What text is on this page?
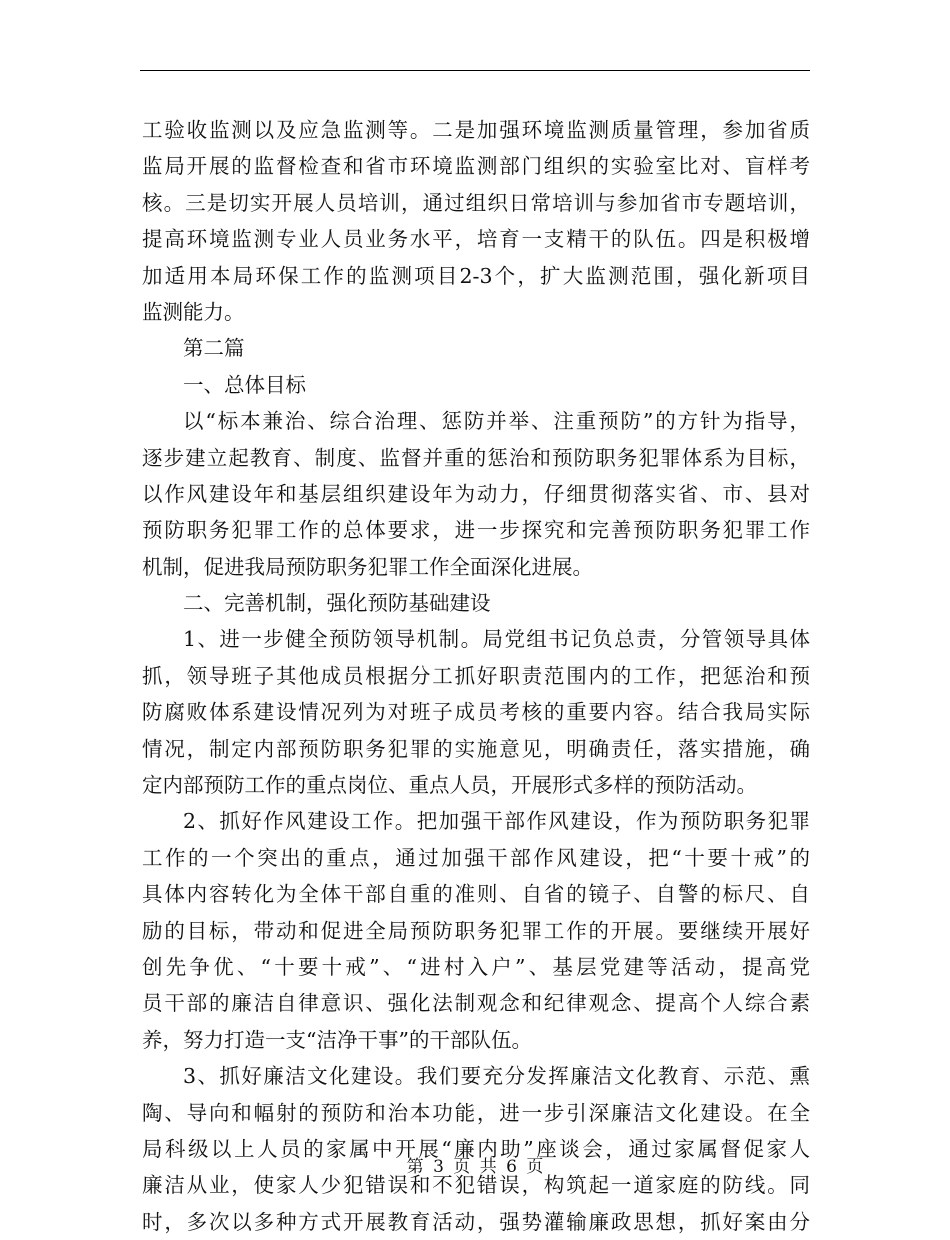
工验收监测以及应急监测等。二是加强环境监测质量管理，参加省质
监局开展的监督检查和省市环境监测部门组织的实验室比对、盲样考
核。三是切实开展人员培训，通过组织日常培训与参加省市专题培训，
提高环境监测专业人员业务水平，培育一支精干的队伍。四是积极增
加适用本局环保工作的监测项目2-3个，扩大监测范围，强化新项目
监测能力。
第二篇
一、总体目标
以“标本兼治、综合治理、惩防并举、注重预防”的方针为指导，
逐步建立起教育、制度、监督并重的惩治和预防职务犯罪体系为目标，
以作风建设年和基层组织建设年为动力，仔细贯彻落实省、市、县对
预防职务犯罪工作的总体要求，进一步探究和完善预防职务犯罪工作
机制，促进我局预防职务犯罪工作全面深化进展。
二、完善机制，强化预防基础建设
1、进一步健全预防领导机制。局党组书记负总责，分管领导具体
抓，领导班子其他成员根据分工抓好职责范围内的工作，把惩治和预
防腐败体系建设情况列为对班子成员考核的重要内容。结合我局实际
情况，制定内部预防职务犯罪的实施意见，明确责任，落实措施，确
定内部预防工作的重点岗位、重点人员，开展形式多样的预防活动。
2、抓好作风建设工作。把加强干部作风建设，作为预防职务犯罪
工作的一个突出的重点，通过加强干部作风建设，把“十要十戒”的
具体内容转化为全体干部自重的准则、自省的镜子、自警的标尺、自
励的目标，带动和促进全局预防职务犯罪工作的开展。要继续开展好
创先争优、“十要十戒”、“进村入户”、基层党建等活动，提高党
员干部的廉洁自律意识、强化法制观念和纪律观念、提高个人综合素
养，努力打造一支“洁净干事”的干部队伍。
3、抓好廉洁文化建设。我们要充分发挥廉洁文化教育、示范、熏
陶、导向和幅射的预防和治本功能，进一步引深廉洁文化建设。在全
局科级以上人员的家属中开展“廉内助”座谈会，通过家属督促家人
廉洁从业，使家人少犯错误和不犯错误，构筑起一道家庭的防线。同
时，多次以多种方式开展教育活动，强势灌输廉政思想，抓好案由分
第 3 页 共 6 页
